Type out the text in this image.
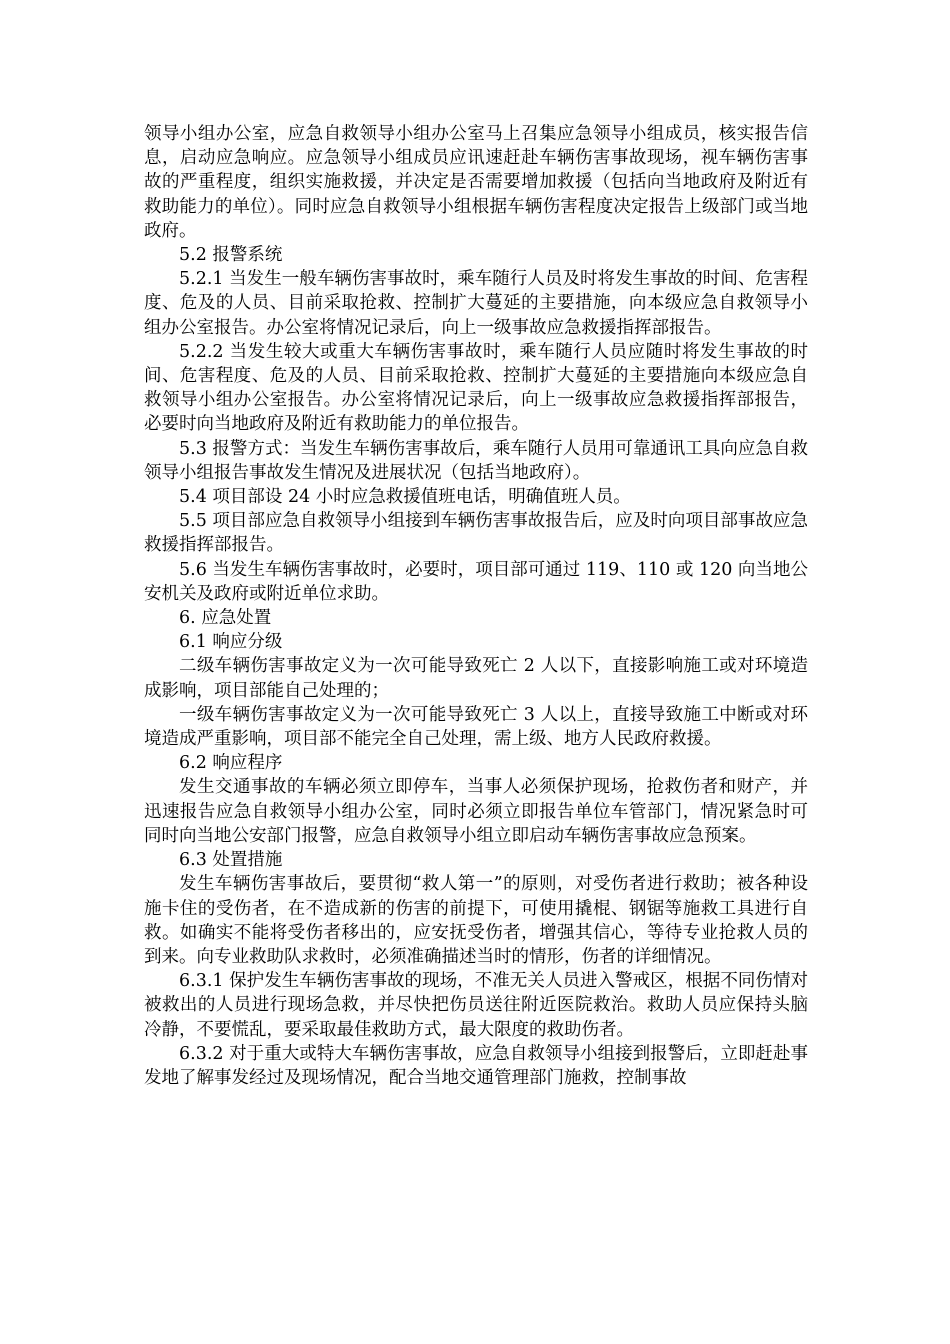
领导小组办公室，应急自救领导小组办公室马上召集应急领导小组成员，核实报告信息，启动应急响应。应急领导小组成员应讯速赶赴车辆伤害事故现场，视车辆伤害事故的严重程度，组织实施救援，并决定是否需要增加救援（包括向当地政府及附近有救助能力的单位）。同时应急自救领导小组根据车辆伤害程度决定报告上级部门或当地政府。

5.2 报警系统

5.2.1 当发生一般车辆伤害事故时，乘车随行人员及时将发生事故的时间、危害程度、危及的人员、目前采取抢救、控制扩大蔓延的主要措施，向本级应急自救领导小组办公室报告。办公室将情况记录后，向上一级事故应急救援指挥部报告。

5.2.2 当发生较大或重大车辆伤害事故时，乘车随行人员应随时将发生事故的时间、危害程度、危及的人员、目前采取抢救、控制扩大蔓延的主要措施向本级应急自救领导小组办公室报告。办公室将情况记录后，向上一级事故应急救援指挥部报告，必要时向当地政府及附近有救助能力的单位报告。

5.3 报警方式：当发生车辆伤害事故后，乘车随行人员用可靠通讯工具向应急自救领导小组报告事故发生情况及进展状况（包括当地政府）。

5.4 项目部设 24 小时应急救援值班电话，明确值班人员。

5.5 项目部应急自救领导小组接到车辆伤害事故报告后，应及时向项目部事故应急救援指挥部报告。

5.6 当发生车辆伤害事故时，必要时，项目部可通过 119、110 或 120 向当地公安机关及政府或附近单位求助。

6. 应急处置

6.1 响应分级

二级车辆伤害事故定义为一次可能导致死亡 2 人以下，直接影响施工或对环境造成影响，项目部能自己处理的；

一级车辆伤害事故定义为一次可能导致死亡 3 人以上，直接导致施工中断或对环境造成严重影响，项目部不能完全自己处理，需上级、地方人民政府救援。

6.2 响应程序

发生交通事故的车辆必须立即停车，当事人必须保护现场，抢救伤者和财产，并迅速报告应急自救领导小组办公室，同时必须立即报告单位车管部门，情况紧急时可同时向当地公安部门报警，应急自救领导小组立即启动车辆伤害事故应急预案。

6.3 处置措施

发生车辆伤害事故后，要贯彻“救人第一”的原则，对受伤者进行救助；被各种设施卡住的受伤者，在不造成新的伤害的前提下，可使用撬棍、钢锯等施救工具进行自救。如确实不能将受伤者移出的，应安抚受伤者，增强其信心，等待专业抢救人员的到来。向专业救助队求救时，必须准确描述当时的情形，伤者的详细情况。

6.3.1 保护发生车辆伤害事故的现场，不准无关人员进入警戒区，根据不同伤情对被救出的人员进行现场急救，并尽快把伤员送往附近医院救治。救助人员应保持头脑冷静，不要慌乱，要采取最佳救助方式，最大限度的救助伤者。

6.3.2 对于重大或特大车辆伤害事故，应急自救领导小组接到报警后，立即赶赴事发地了解事发经过及现场情况，配合当地交通管理部门施救，控制事故
